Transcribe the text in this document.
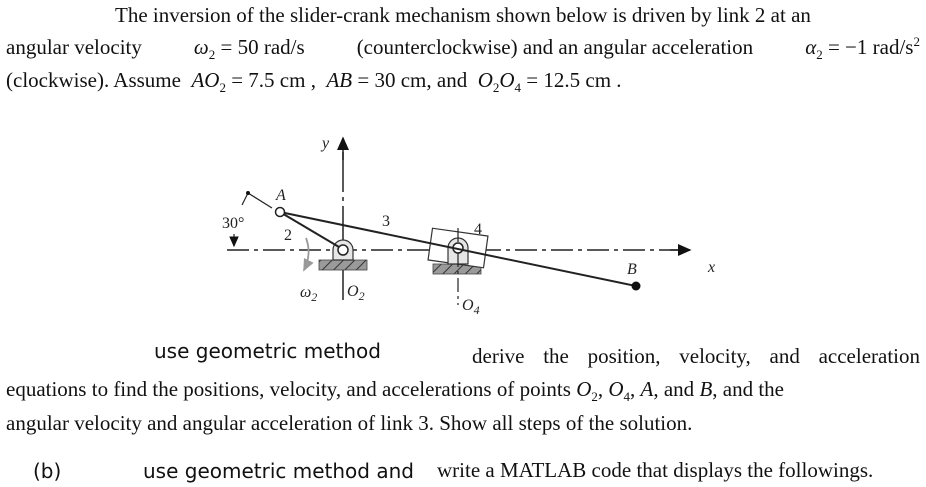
The inversion of the slider-crank mechanism shown below is driven by link 2 at an
angular velocity $\omega_2 = 50$ rad/s (counterclockwise) and an angular acceleration $\alpha_2 = -1$ rad/$s^2$
(clockwise). Assume $AO_2 = 7.5$ cm , AB = 30 cm, and $O_2O_4 = 12.5$ cm .
x
y
$O_2$
4
$O_4$
3
2
A
30°
$\omega_2$
B
use geometric method	derive the position, velocity, and acceleration
equations to find the positions, velocity, and accelerations of points $O_2$, $O_4$, A, and B, and the
angular velocity and angular acceleration of link 3. Show all steps of the solution.
(b)	use geometric method and write a MATLAB code that displays the followings.
